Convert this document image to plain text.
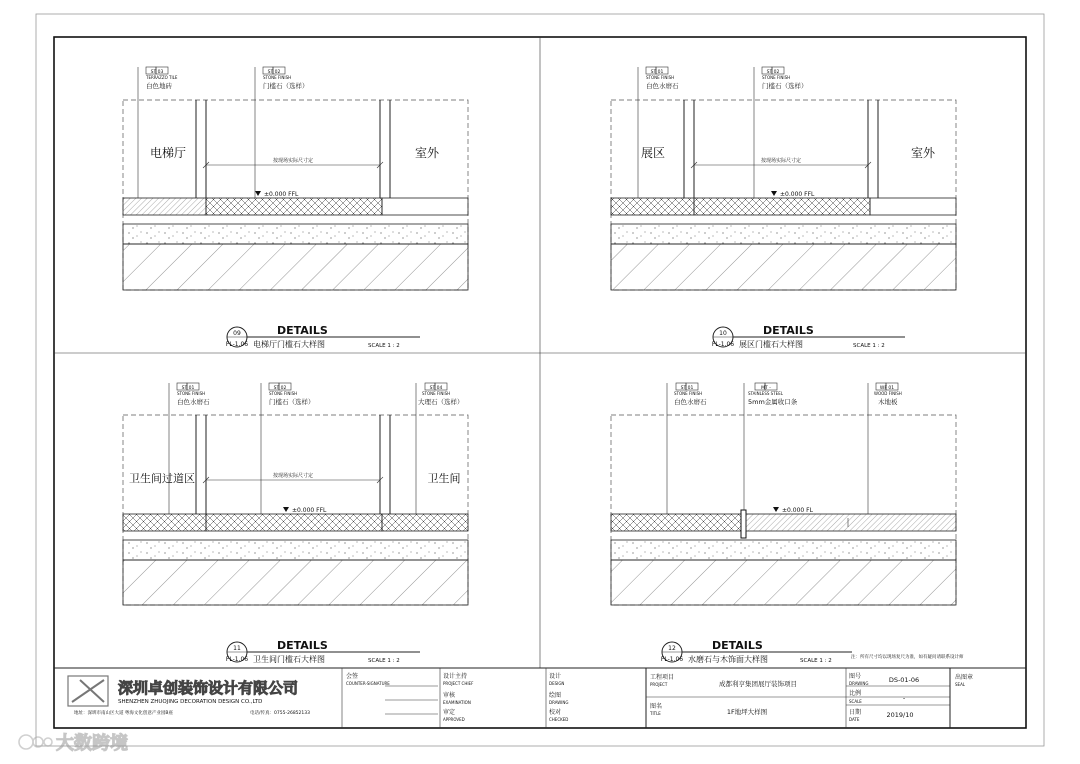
按现场实际尺寸定
±0.000 FFL
电梯厅	室外
ST 03
TERRAZZO TILE
白色地砖
ST 02
STONE FINISH
门槛石（选样）
09
FL-1.06
DETAILS
电梯厅门槛石大样图	SCALE 1 : 2
按现场实际尺寸定
±0.000 FFL
展区	室外
ST 01
STONE FINISH
白色水磨石
ST 02
STONE FINISH
门槛石（选样）
10
FL-1.06
DETAILS
展区门槛石大样图	SCALE 1 : 2
按现场实际尺寸定
±0.000 FFL
卫生间过道区	卫生间
ST 01
STONE FINISH
白色水磨石
ST 02
STONE FINISH
门槛石（选样）
ST 04
STONE FINISH
大理石（选样）
11
FL-1.06
DETAILS
卫生间门槛石大样图	SCALE 1 : 2
±0.000 FL
ST 01
STONE FINISH
白色水磨石
MT -
STAINLESS STEEL
5mm金属收口条
WF 01
WOOD FINISH
木地板
12
FL-1.06
DETAILS
水磨石与木饰面大样图	SCALE 1 : 2
注：所有尺寸均以现场复尺为准，如有疑问请联系设计师
深圳卓创装饰设计有限公司
SHENZHEN ZHUOJING DECORATION DESIGN CO.,LTD
地址：深圳市南山区大道 粤海文化创意产业园B座	电话/传真：0755-26852133
会签
COUNTER-SIGNATURE
设计主持
PROJECT CHIEF
审核
EXAMINATION
审定
APPROVED
设计
DESIGN
绘图
DRAWING
校对
CHECKED
工程项目
PROJECT	成都利亨集团展厅装饰项目
图名
TITLE	1F地坪大样图
图号
DRAWING	DS-01-06
比例
SCALE	-
日期
DATE
2019/10
出图章
SEAL
大数跨境
